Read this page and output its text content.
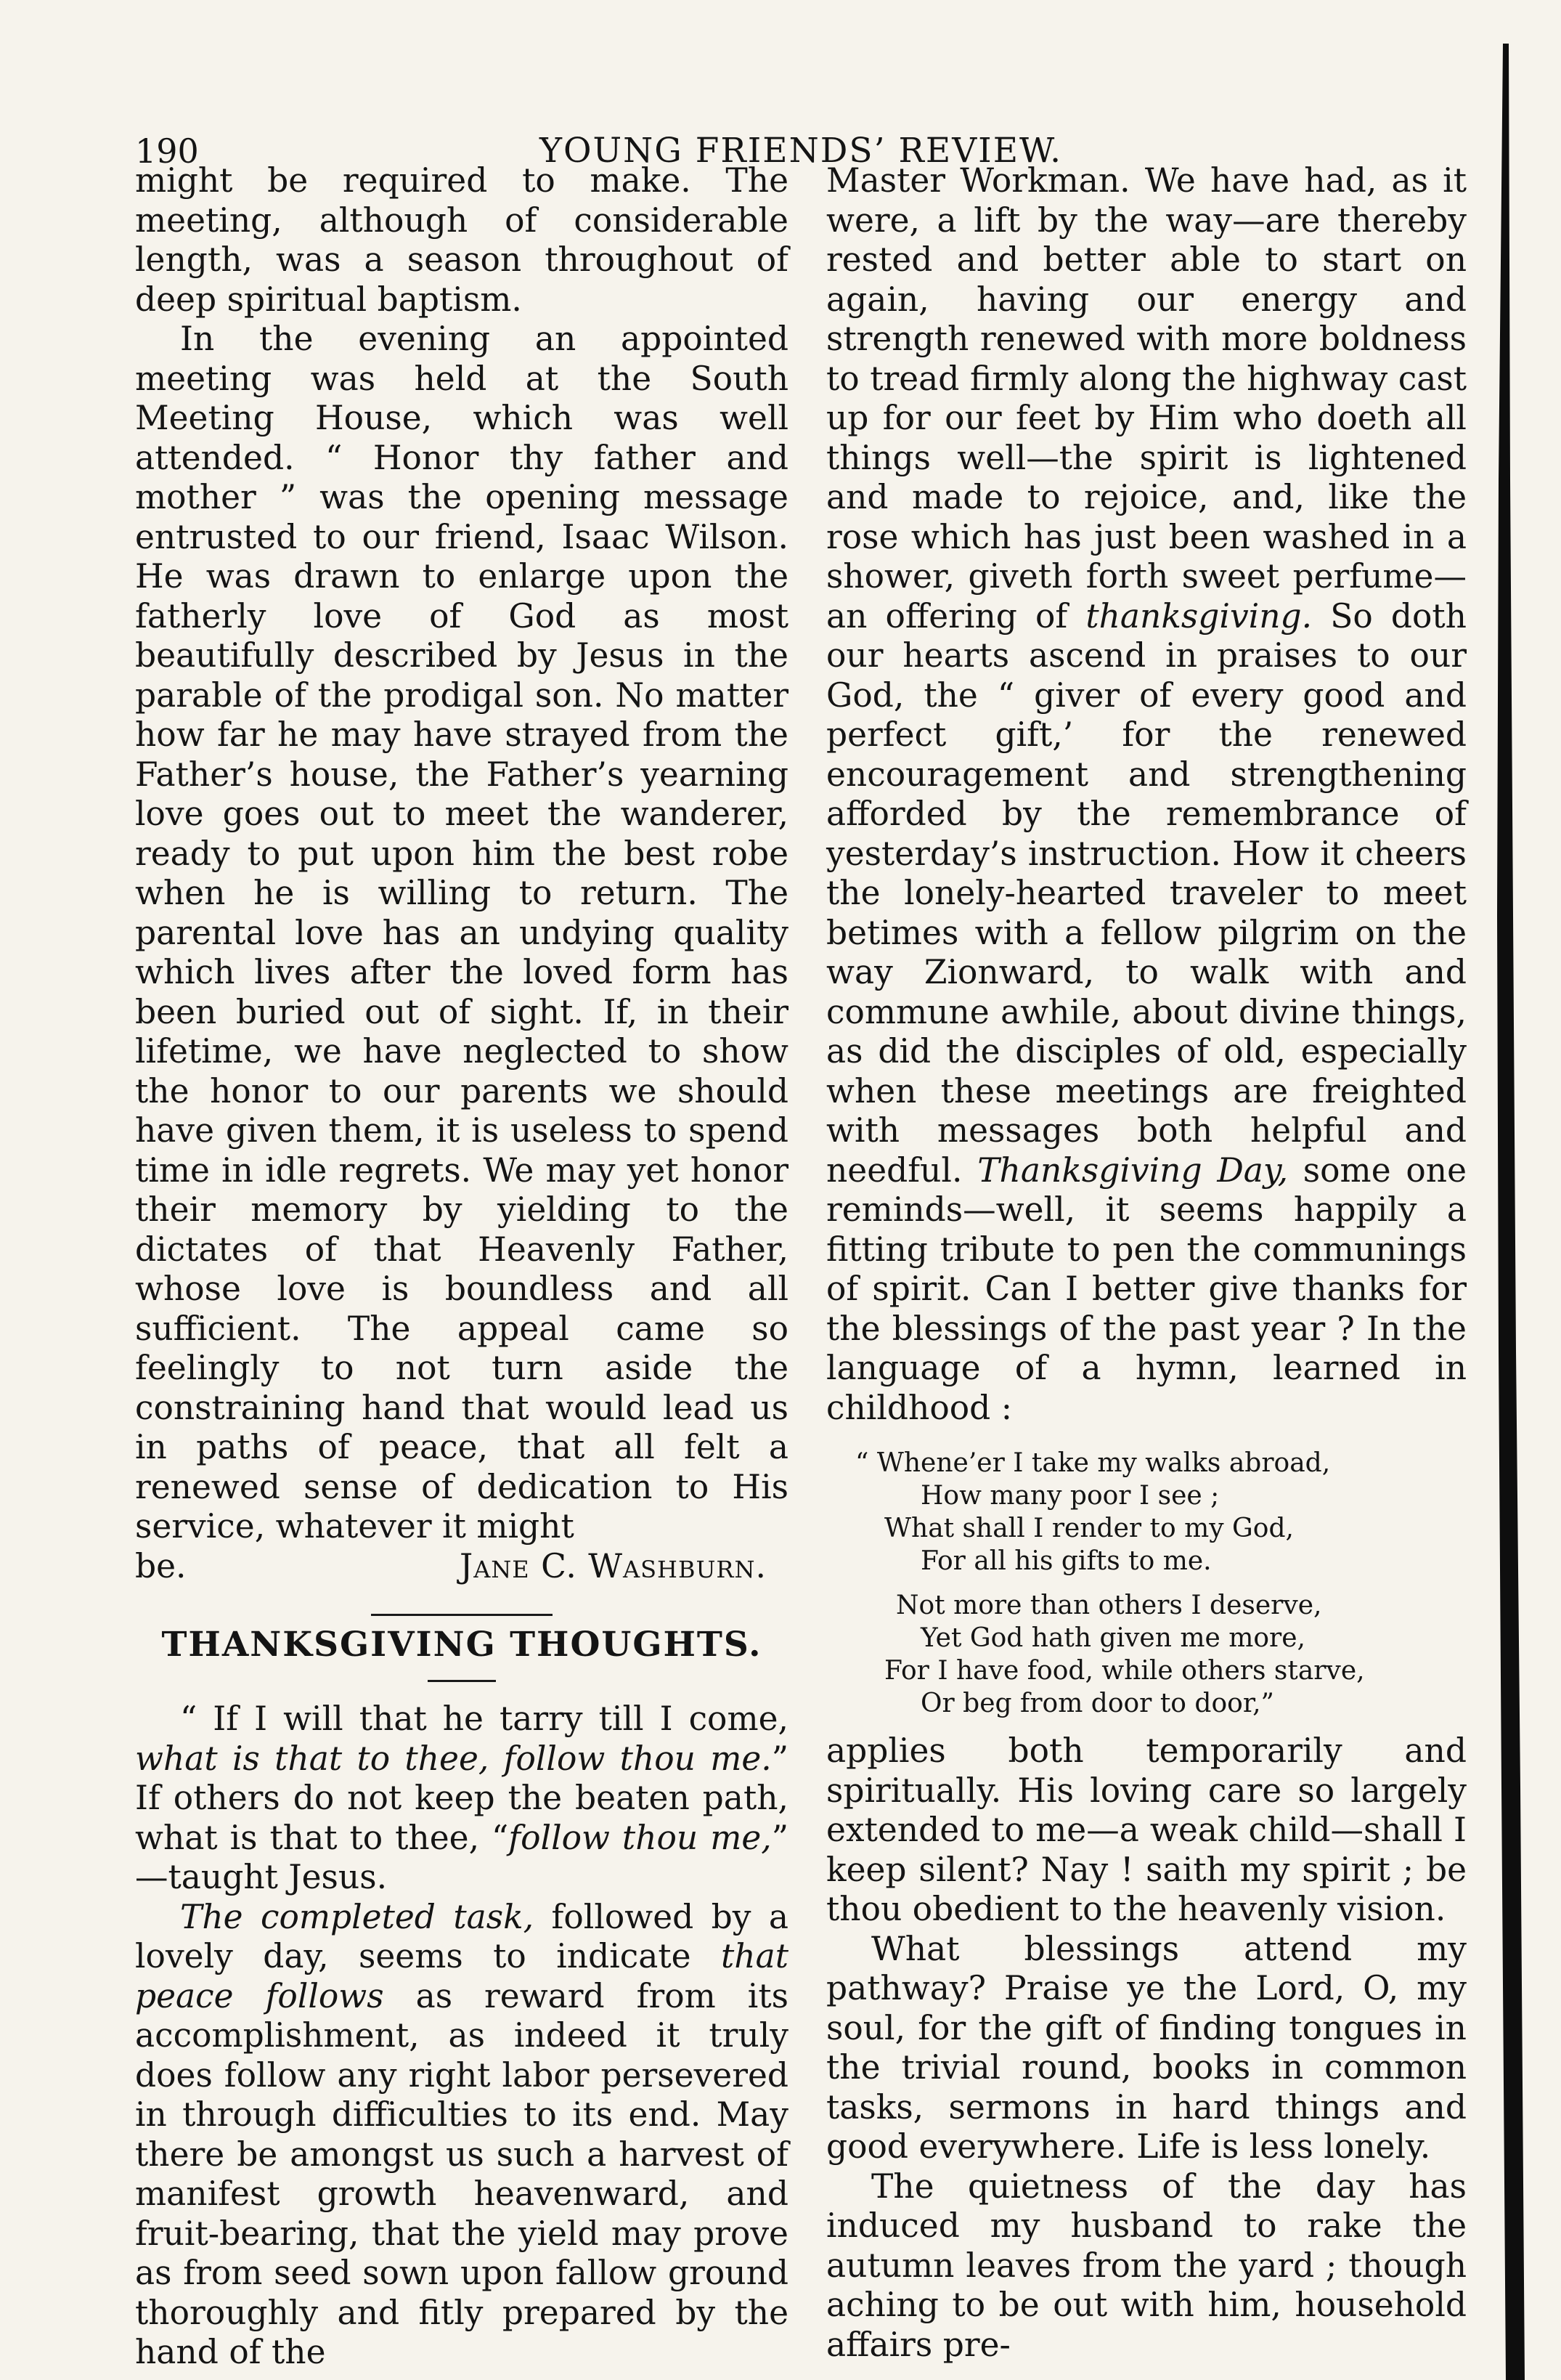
190	YOUNG FRIENDS’ REVIEW.

might be required to make. The meeting, although of considerable length, was a season throughout of deep spiritual baptism.

In the evening an appointed meeting was held at the South Meeting House, which was well attended. “ Honor thy father and mother ” was the opening message entrusted to our friend, Isaac Wilson. He was drawn to enlarge upon the fatherly love of God as most beautifully described by Jesus in the parable of the prodigal son. No matter how far he may have strayed from the Father’s house, the Father’s yearning love goes out to meet the wanderer, ready to put upon him the best robe when he is willing to return. The parental love has an undying quality which lives after the loved form has been buried out of sight. If, in their lifetime, we have neglected to show the honor to our parents we should have given them, it is useless to spend time in idle regrets. We may yet honor their memory by yielding to the dictates of that Heavenly Father, whose love is boundless and all sufficient. The appeal came so feelingly to not turn aside the constraining hand that would lead us in paths of peace, that all felt a renewed sense of dedication to His service, whatever it might

be.	Jane C. Washburn.
THANKSGIVING THOUGHTS.

“ If I will that he tarry till I come, what is that to thee, follow thou me.” If others do not keep the beaten path, what is that to thee, “follow thou me,” —taught Jesus.

The completed task, followed by a lovely day, seems to indicate that peace follows as reward from its accomplishment, as indeed it truly does follow any right labor persevered in through difficulties to its end. May there be amongst us such a harvest of manifest growth heavenward, and fruit-bearing, that the yield may prove as from seed sown upon fallow ground thoroughly and fitly prepared by the hand of the

Master Workman. We have had, as it were, a lift by the way—are thereby rested and better able to start on again, having our energy and strength renewed with more boldness to tread firmly along the highway cast up for our feet by Him who doeth all things well—the spirit is lightened and made to rejoice, and, like the rose which has just been washed in a shower, giveth forth sweet perfume—an offering of thanksgiving. So doth our hearts ascend in praises to our God, the “ giver of every good and perfect gift,’ for the renewed encouragement and strengthening afforded by the remembrance of yesterday’s instruction. How it cheers the lonely-hearted traveler to meet betimes with a fellow pilgrim on the way Zionward, to walk with and commune awhile, about divine things, as did the disciples of old, especially when these meetings are freighted with messages both helpful and needful. Thanksgiving Day, some one reminds—well, it seems happily a fitting tribute to pen the communings of spirit. Can I better give thanks for the blessings of the past year ? In the language of a hymn, learned in childhood :

“ Whene’er I take my walks abroad,
How many poor I see ;
What shall I render to my God,
For all his gifts to me.
Not more than others I deserve,
Yet God hath given me more,
For I have food, while others starve,
Or beg from door to door,”

applies both temporarily and spiritually. His loving care so largely extended to me—a weak child—shall I keep silent? Nay ! saith my spirit ; be thou obedient to the heavenly vision.

What blessings attend my pathway? Praise ye the Lord, O, my soul, for the gift of finding tongues in the trivial round, books in common tasks, sermons in hard things and good everywhere. Life is less lonely.

The quietness of the day has induced my husband to rake the autumn leaves from the yard ; though aching to be out with him, household affairs pre-
